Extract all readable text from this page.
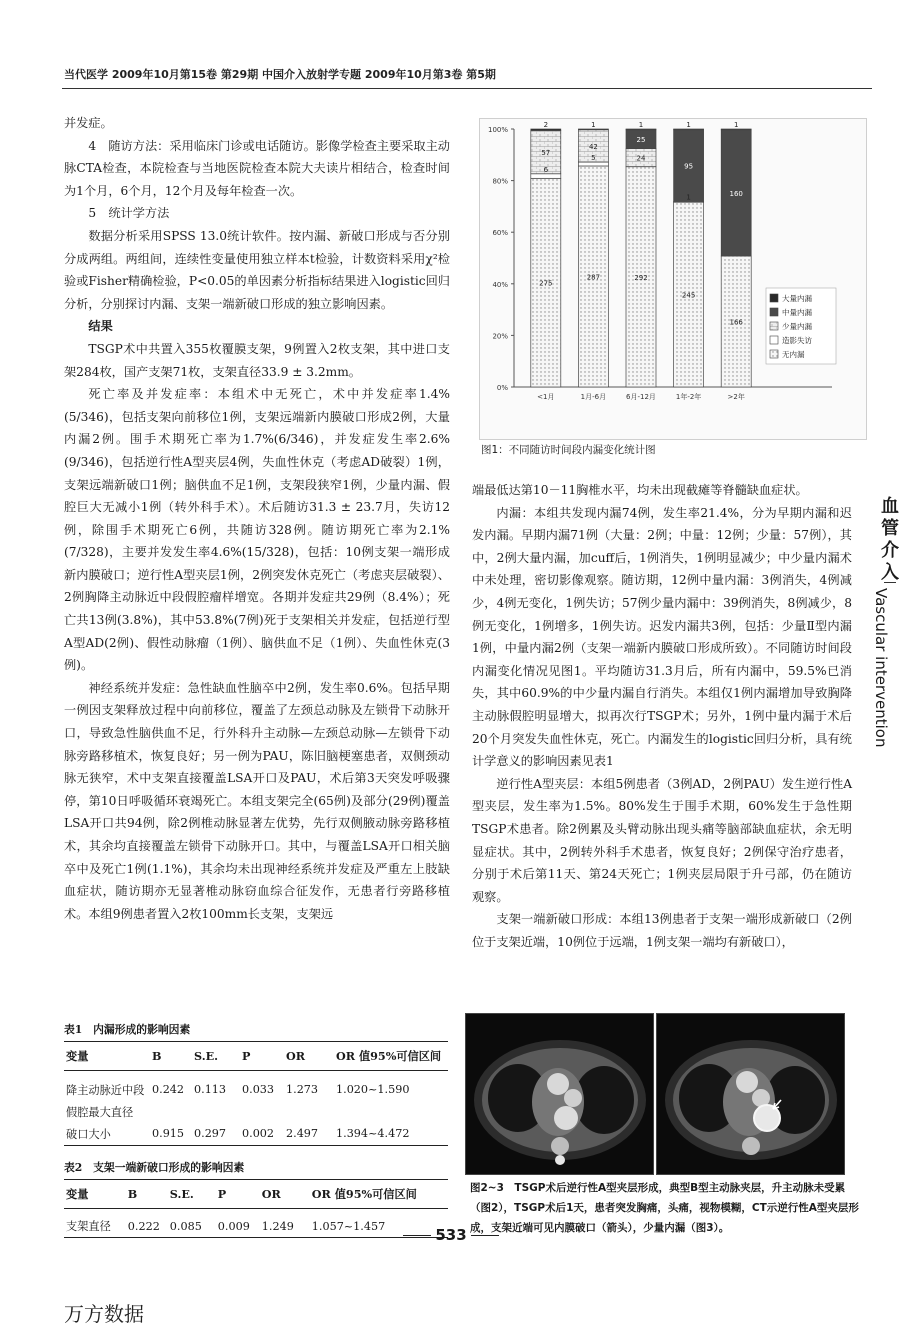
当代医学 2009年10月第15卷 第29期 中国介入放射学专题 2009年10月第3卷 第5期

并发症。

4　随访方法：采用临床门诊或电话随访。影像学检查主要采取主动脉CTA检查，本院检查与当地医院检查本院大夫读片相结合，检查时间为1个月，6个月，12个月及每年检查一次。

5　统计学方法

数据分析采用SPSS 13.0统计软件。按内漏、新破口形成与否分别分成两组。两组间，连续性变量使用独立样本t检验，计数资料采用χ²检验或Fisher精确检验，P<0.05的单因素分析指标结果进入logistic回归分析，分别探讨内漏、支架一端新破口形成的独立影响因素。

结果

TSGP术中共置入355枚覆膜支架，9例置入2枚支架，其中进口支架284枚，国产支架71枚，支架直径33.9 ± 3.2mm。

死亡率及并发症率：本组术中无死亡，术中并发症率1.4%(5/346)，包括支架向前移位1例，支架远端新内膜破口形成2例，大量内漏2例。围手术期死亡率为1.7%(6/346)，并发症发生率2.6%(9/346)，包括逆行性A型夹层4例，失血性休克（考虑AD破裂）1例，支架远端新破口1例；脑供血不足1例，支架段狭窄1例，少量内漏、假腔巨大无减小1例（转外科手术）。术后随访31.3 ± 23.7月，失访12例，除围手术期死亡6例，共随访328例。随访期死亡率为2.1%(7/328)，主要并发发生率4.6%(15/328)，包括：10例支架一端形成新内膜破口；逆行性A型夹层1例，2例突发休克死亡（考虑夹层破裂）、2例胸降主动脉近中段假腔瘤样增宽。各期并发症共29例（8.4%）；死亡共13例(3.8%)，其中53.8%(7例)死于支架相关并发症，包括逆行型A型AD(2例)、假性动脉瘤（1例）、脑供血不足（1例）、失血性休克(3例)。

神经系统并发症：急性缺血性脑卒中2例，发生率0.6%。包括早期一例因支架释放过程中向前移位，覆盖了左颈总动脉及左锁骨下动脉开口，导致急性脑供血不足，行外科升主动脉—左颈总动脉—左锁骨下动脉旁路移植术，恢复良好；另一例为PAU，陈旧脑梗塞患者，双侧颈动脉无狭窄，术中支架直接覆盖LSA开口及PAU，术后第3天突发呼吸骤停，第10日呼吸循环衰竭死亡。本组支架完全(65例)及部分(29例)覆盖LSA开口共94例，除2例椎动脉显著左优势，先行双侧腋动脉旁路移植术，其余均直接覆盖左锁骨下动脉开口。其中，与覆盖LSA开口相关脑卒中及死亡1例(1.1%)，其余均未出现神经系统并发症及严重左上肢缺血症状，随访期亦无显著椎动脉窃血综合征发作，无患者行旁路移植术。本组9例患者置入2枚100mm长支架，支架远

0%
20%
40%
60%
80%
100%
275
6
57
2
<1月
287
5
42
1
1月-6月
292
24
25
1
6月-12月
245
1
95
1
1年-2年
166
160
1
>2年
大量内漏
中量内漏
少量内漏
造影失访
无内漏
图1：不同随访时间段内漏变化统计图

端最低达第10－11胸椎水平，均未出现截瘫等脊髓缺血症状。

内漏：本组共发现内漏74例，发生率21.4%，分为早期内漏和迟发内漏。早期内漏71例（大量：2例；中量：12例；少量：57例），其中，2例大量内漏，加cuff后，1例消失，1例明显减少；中少量内漏术中未处理，密切影像观察。随访期，12例中量内漏：3例消失，4例减少，4例无变化，1例失访；57例少量内漏中：39例消失，8例减少，8例无变化，1例增多，1例失访。迟发内漏共3例，包括：少量Ⅱ型内漏1例，中量内漏2例（支架一端新内膜破口形成所致）。不同随访时间段内漏变化情况见图1。平均随访31.3月后，所有内漏中，59.5%已消失，其中60.9%的中少量内漏自行消失。本组仅1例内漏增加导致胸降主动脉假腔明显增大，拟再次行TSGP术；另外，1例中量内漏于术后20个月突发失血性休克，死亡。内漏发生的logistic回归分析，具有统计学意义的影响因素见表1

逆行性A型夹层：本组5例患者（3例AD，2例PAU）发生逆行性A型夹层，发生率为1.5%。80%发生于围手术期，60%发生于急性期TSGP术患者。除2例累及头臂动脉出现头痛等脑部缺血症状，余无明显症状。其中，2例转外科手术患者，恢复良好；2例保守治疗患者，分别于术后第11天、第24天死亡；1例夹层局限于升弓部，仍在随访观察。

支架一端新破口形成：本组13例患者于支架一端形成新破口（2例位于支架近端，10例位于远端，1例支架一端均有新破口），

表1　内漏形成的影响因素
变量	B	S.E.	P	OR	OR 值95%可信区间

降主动脉近中段	0.242	0.113	0.033	1.273	1.020~1.590
假腔最大直径					
破口大小	0.915	0.297	0.002	2.497	1.394~4.472
表2　支架一端新破口形成的影响因素
变量	B	S.E.	P	OR	OR 值95%可信区间

支架直径	0.222	0.085	0.009	1.249	1.057~1.457
图2~3　TSGP术后逆行性A型夹层形成，典型B型主动脉夹层，升主动脉未受累（图2），TSGP术后1天，患者突发胸痛，头痛，视物模糊，CT示逆行性A型夹层形成，支架近端可见内膜破口（箭头），少量内漏（图3）。
血管介入
Vascular intervention
533
万方数据
